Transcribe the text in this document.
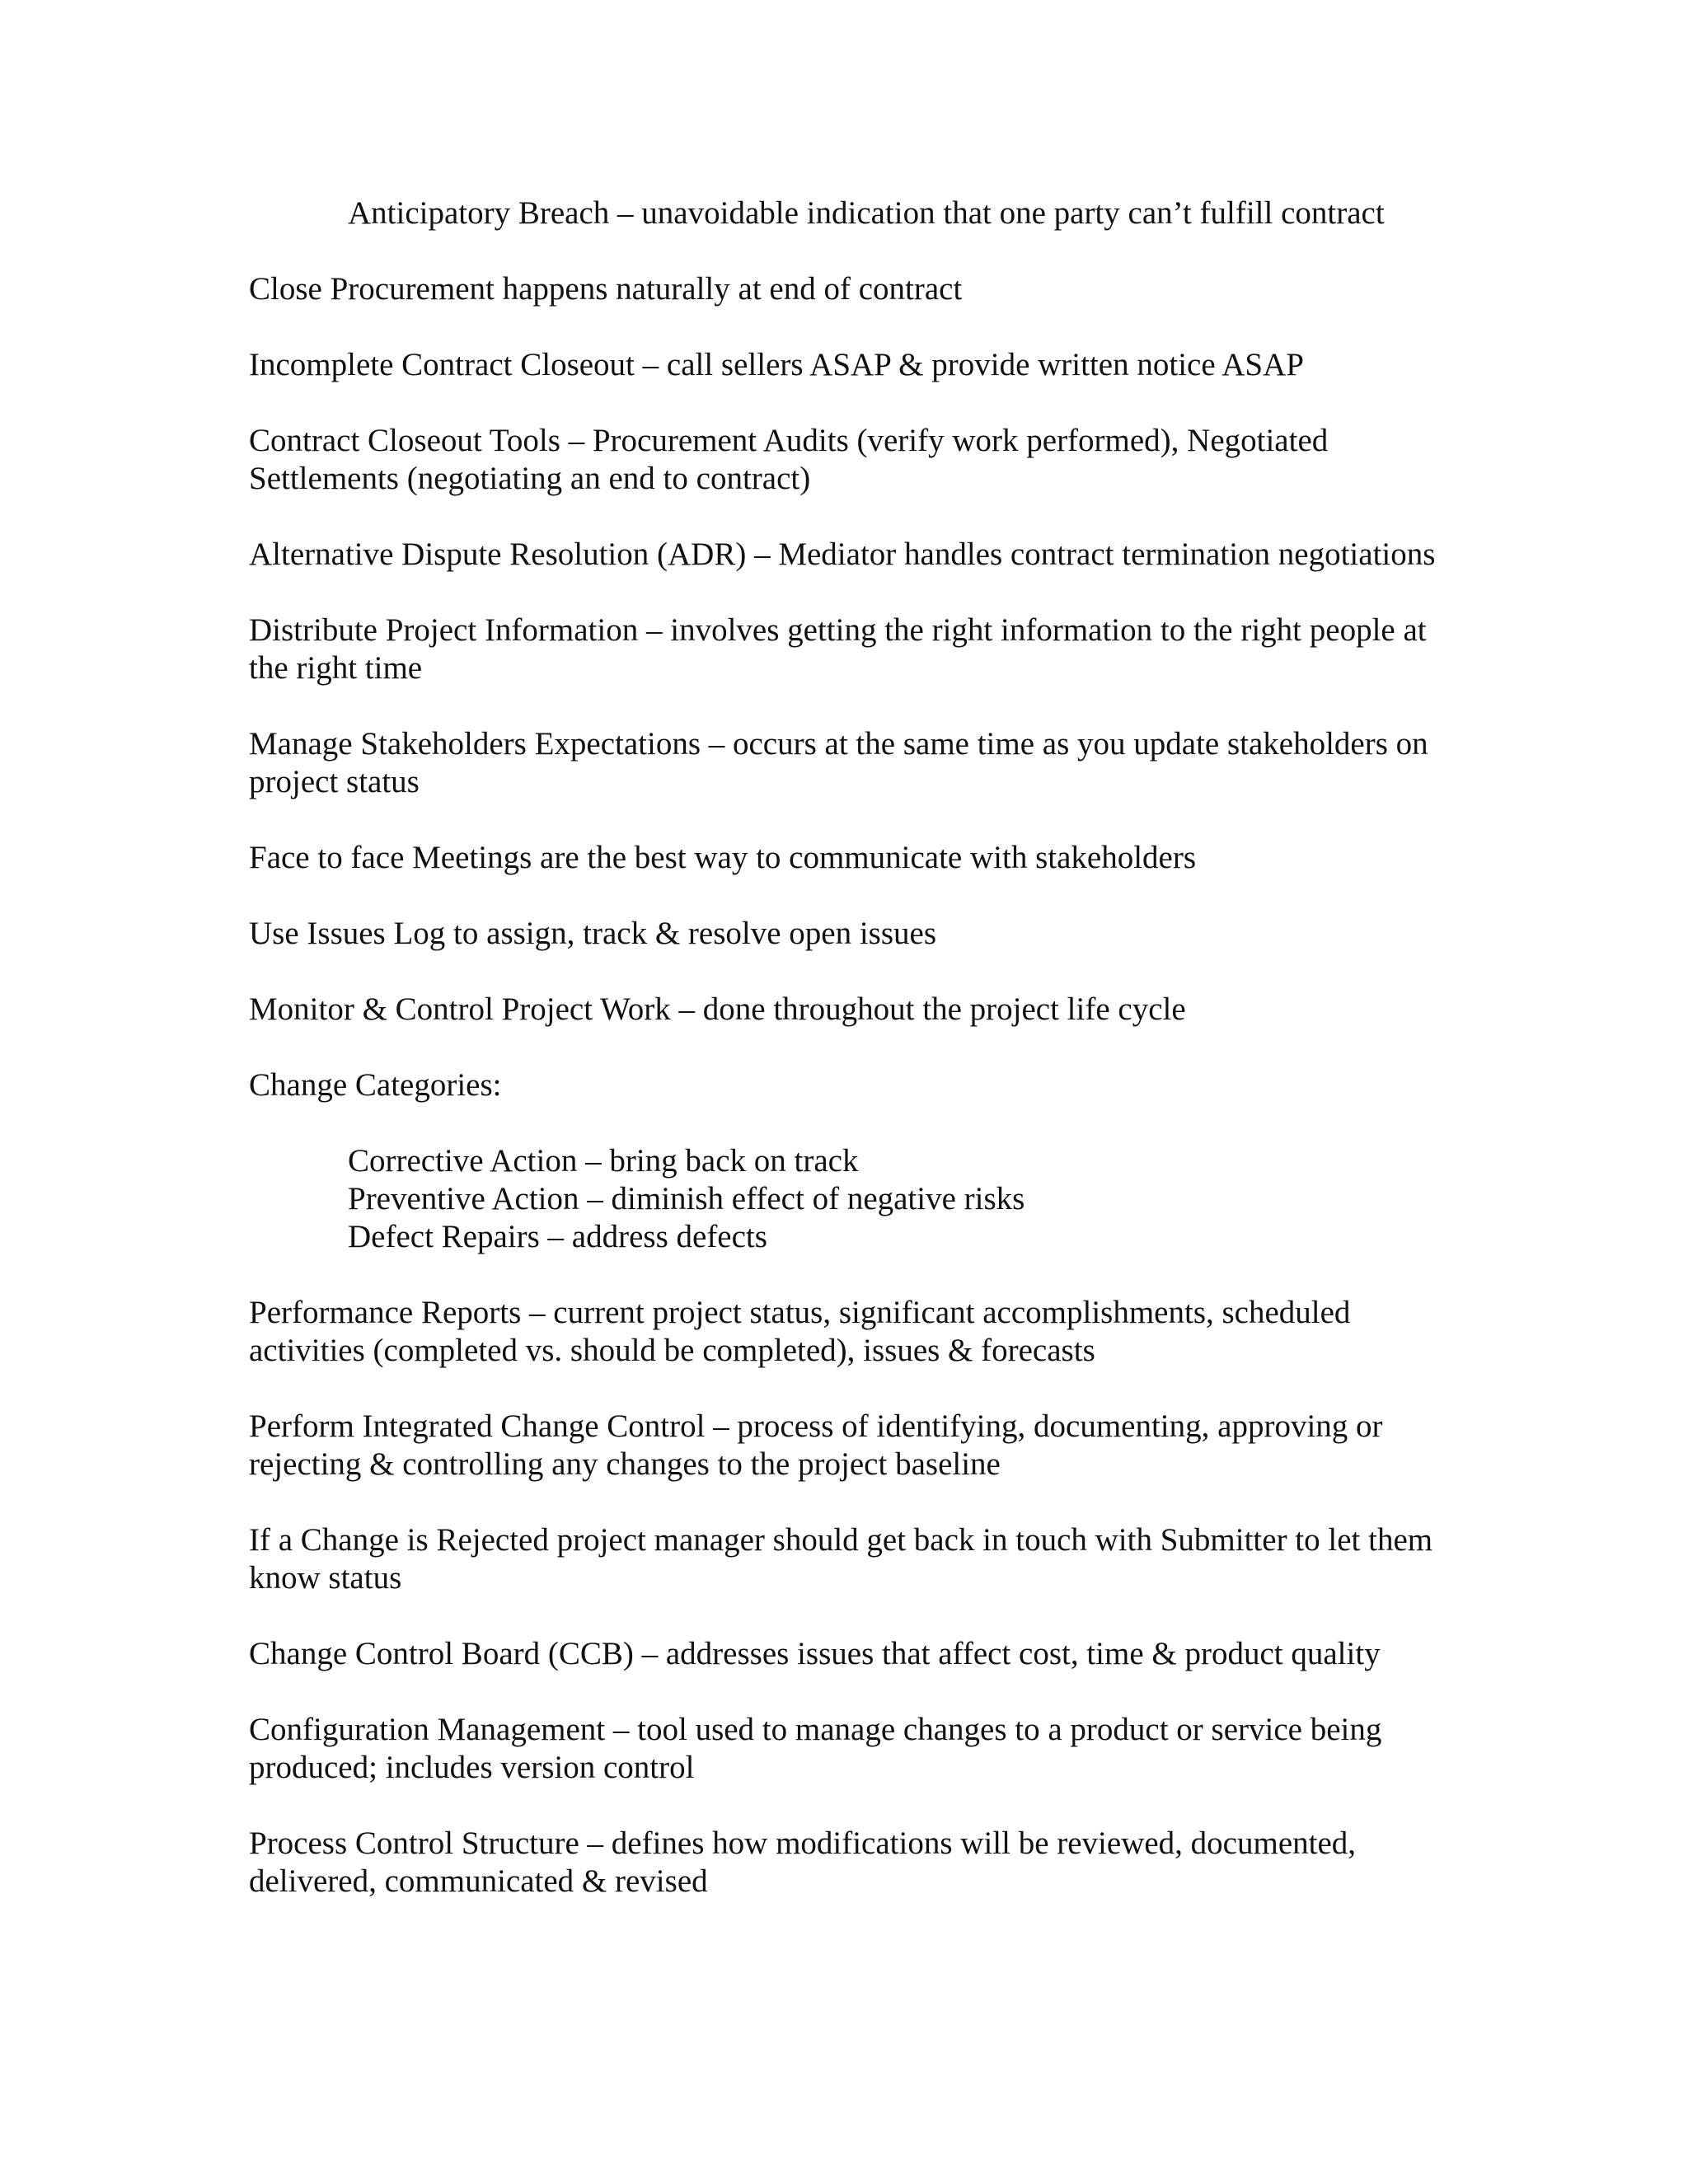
Anticipatory Breach – unavoidable indication that one party can’t fulfill contract

Close Procurement happens naturally at end of contract

Incomplete Contract Closeout – call sellers ASAP & provide written notice ASAP

Contract Closeout Tools – Procurement Audits (verify work performed), Negotiated Settlements (negotiating an end to contract)

Alternative Dispute Resolution (ADR) – Mediator handles contract termination negotiations

Distribute Project Information – involves getting the right information to the right people at the right time

Manage Stakeholders Expectations – occurs at the same time as you update stakeholders on project status

Face to face Meetings are the best way to communicate with stakeholders

Use Issues Log to assign, track & resolve open issues

Monitor & Control Project Work – done throughout the project life cycle

Change Categories:

Corrective Action – bring back on track
Preventive Action – diminish effect of negative risks
Defect Repairs – address defects

Performance Reports – current project status, significant accomplishments, scheduled activities (completed vs. should be completed), issues & forecasts

Perform Integrated Change Control – process of identifying, documenting, approving or rejecting & controlling any changes to the project baseline

If a Change is Rejected project manager should get back in touch with Submitter to let them know status

Change Control Board (CCB) – addresses issues that affect cost, time & product quality

Configuration Management – tool used to manage changes to a product or service being produced; includes version control

Process Control Structure – defines how modifications will be reviewed, documented, delivered, communicated & revised
